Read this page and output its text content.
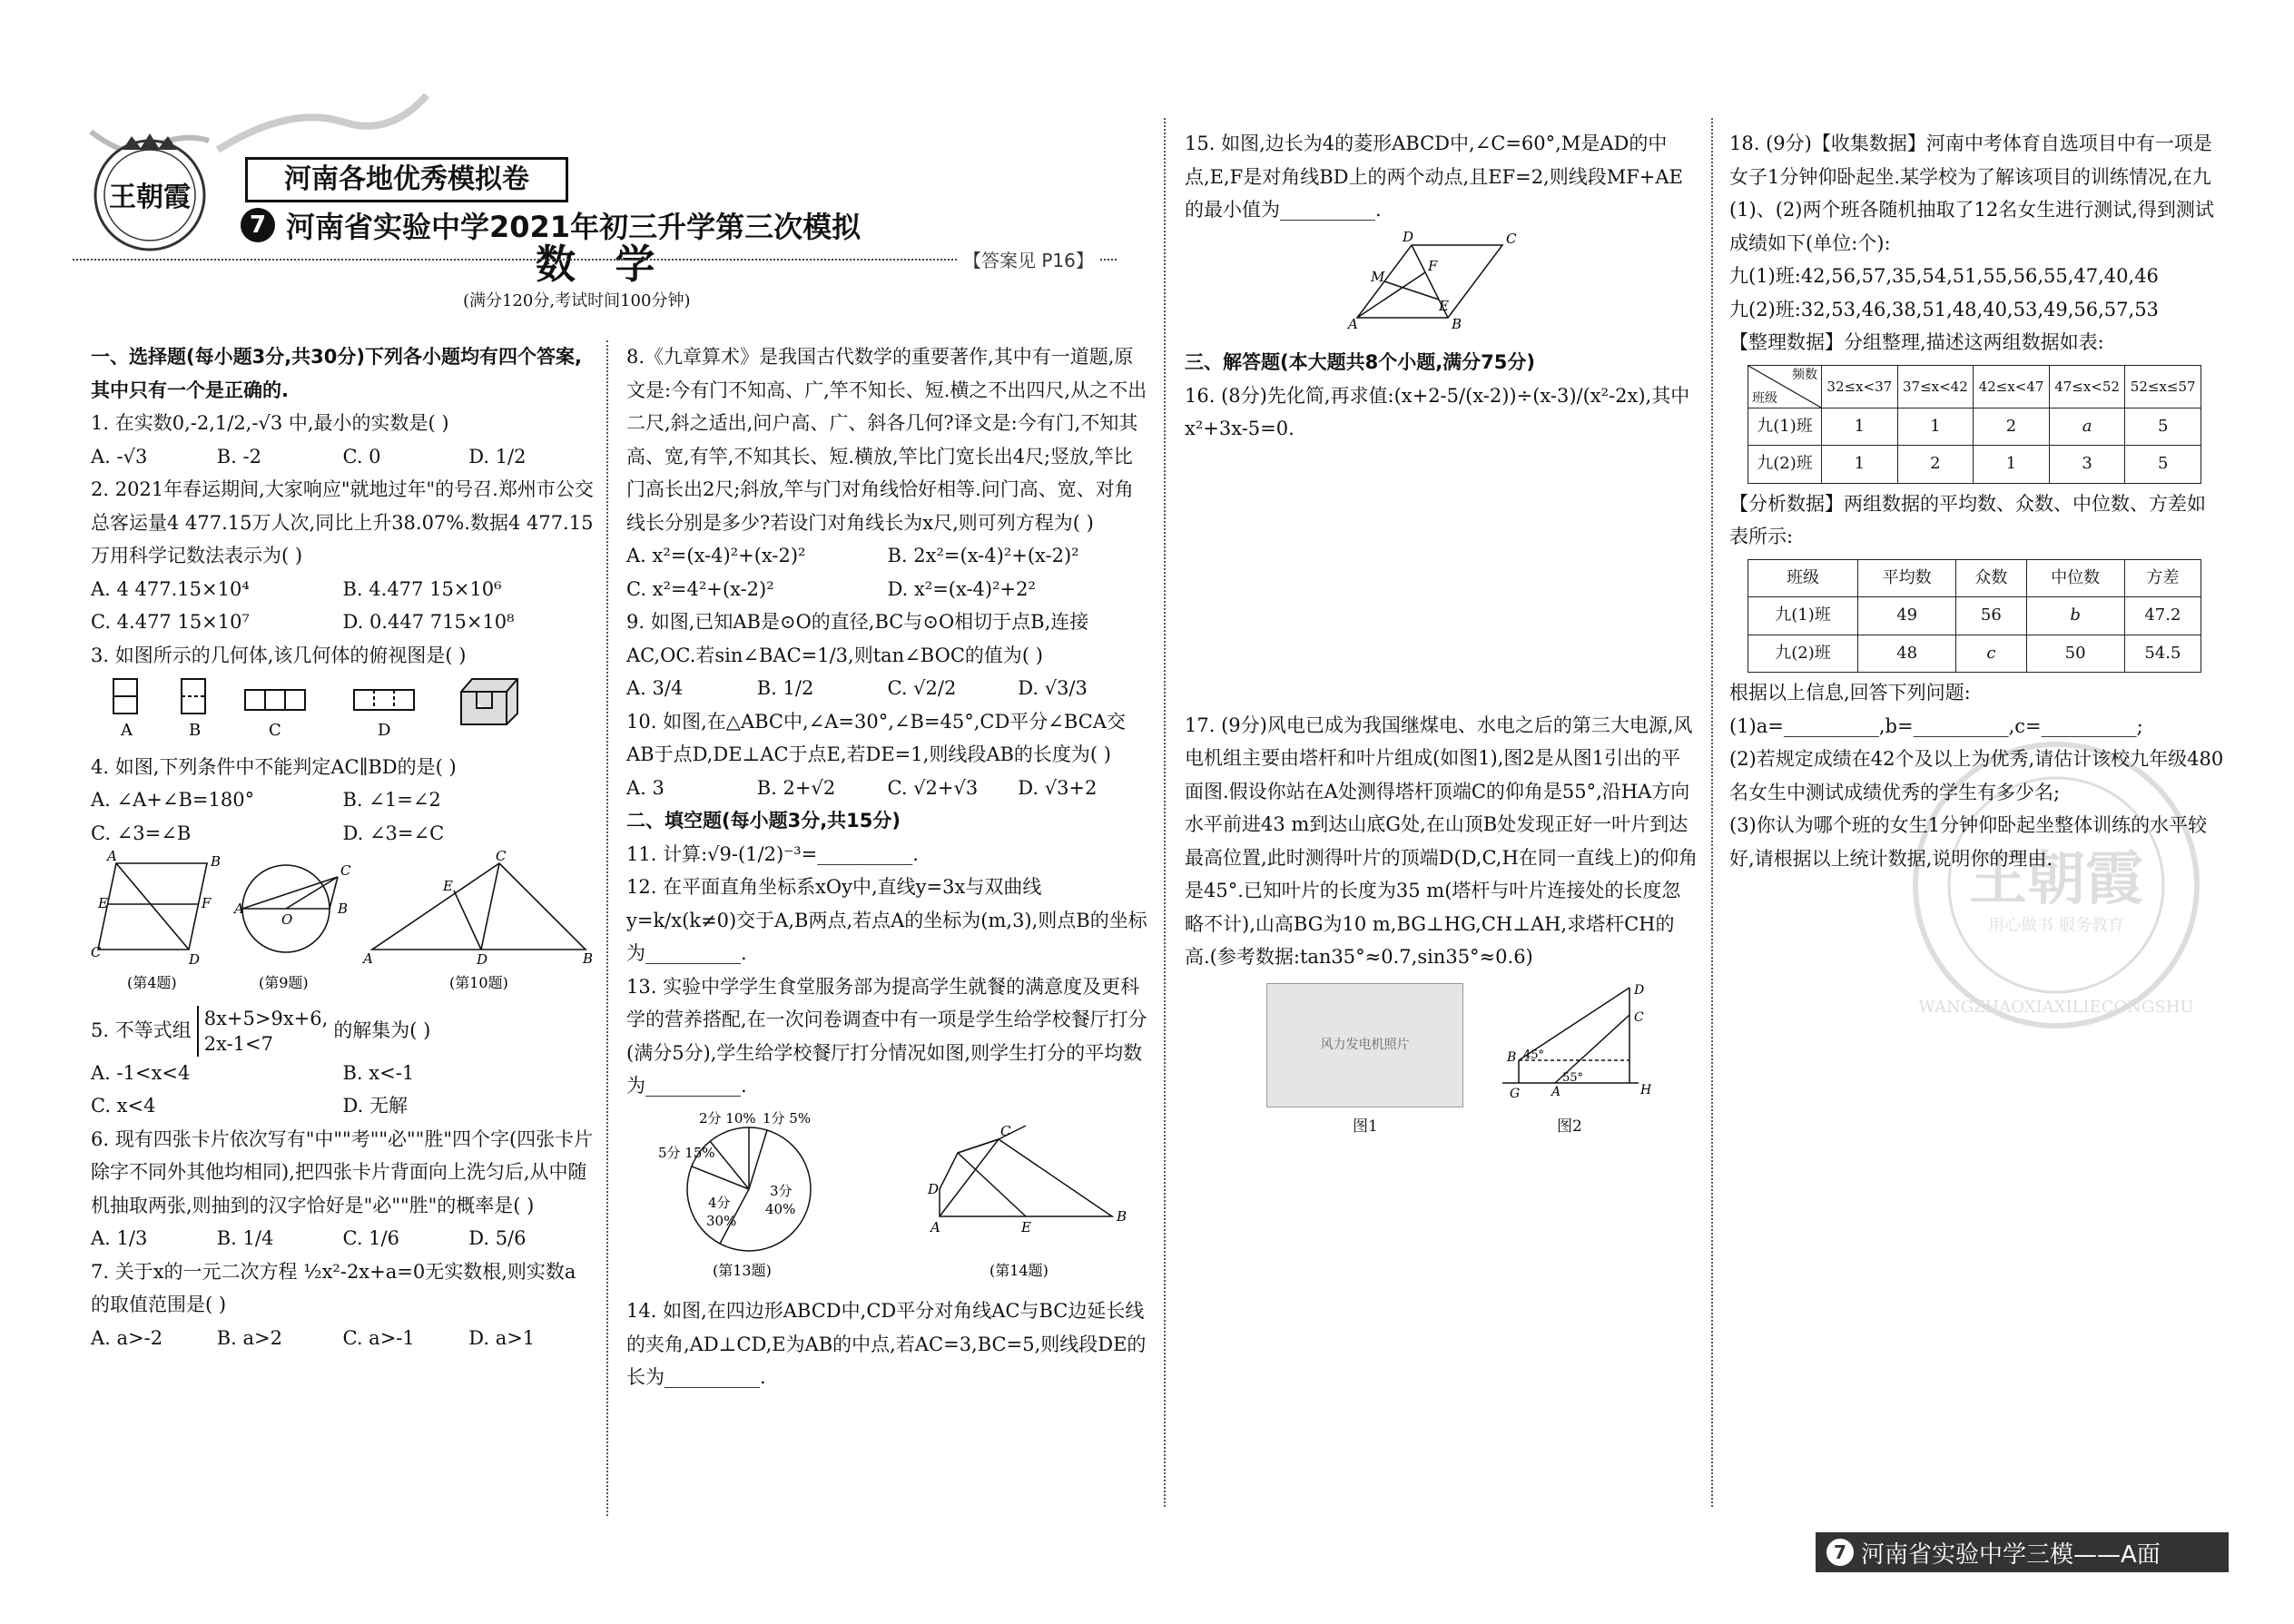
王朝霞
河南各地优秀模拟卷
7 河南省实验中学2021年初三升学第三次模拟
数 学	【答案见 P16】
(满分120分,考试时间100分钟)

一、选择题(每小题3分,共30分)下列各小题均有四个答案,其中只有一个是正确的.

1. 在实数0,-2,1/2,-√3 中,最小的实数是( )

A. -√3	B. -2	C. 0	D. 1/2

2. 2021年春运期间,大家响应"就地过年"的号召.郑州市公交总客运量4 477.15万人次,同比上升38.07%.数据4 477.15万用科学记数法表示为( )

A. 4 477.15×10⁴	B. 4.477 15×10⁶
C. 4.477 15×10⁷	D. 0.447 715×10⁸

3. 如图所示的几何体,该几何体的俯视图是( )

A	B	C	D

4. 如图,下列条件中不能判定AC∥BD的是( )

A. ∠A+∠B=180°	B. ∠1=∠2
C. ∠3=∠B	D. ∠3=∠C
A	B
E	F
C	D
A	B
O
C
A	B
C
D
E
(第4题)	(第9题)	(第10题)

5. 不等式组
8x+5>9x+6,
2x-1<7
的解集为( )

A. -1<x<4	B. x<-1
C. x<4	D. 无解

6. 现有四张卡片依次写有"中""考""必""胜"四个字(四张卡片除字不同外其他均相同),把四张卡片背面向上洗匀后,从中随机抽取两张,则抽到的汉字恰好是"必""胜"的概率是( )

A. 1/3	B. 1/4	C. 1/6	D. 5/6

7. 关于x的一元二次方程 ½x²-2x+a=0无实数根,则实数a的取值范围是( )

A. a>-2	B. a>2	C. a>-1	D. a>1

8.《九章算术》是我国古代数学的重要著作,其中有一道题,原文是:今有门不知高、广,竿不知长、短.横之不出四尺,从之不出二尺,斜之适出,问户高、广、斜各几何?译文是:今有门,不知其高、宽,有竿,不知其长、短.横放,竿比门宽长出4尺;竖放,竿比门高长出2尺;斜放,竿与门对角线恰好相等.问门高、宽、对角线长分别是多少?若设门对角线长为x尺,则可列方程为( )

A. x²=(x-4)²+(x-2)²	B. 2x²=(x-4)²+(x-2)²
C. x²=4²+(x-2)²	D. x²=(x-4)²+2²

9. 如图,已知AB是⊙O的直径,BC与⊙O相切于点B,连接AC,OC.若sin∠BAC=1/3,则tan∠BOC的值为( )

A. 3/4	B. 1/2	C. √2/2	D. √3/3

10. 如图,在△ABC中,∠A=30°,∠B=45°,CD平分∠BCA交AB于点D,DE⊥AC于点E,若DE=1,则线段AB的长度为( )

A. 3	B. 2+√2	C. √2+√3	D. √3+2

二、填空题(每小题3分,共15分)

11. 计算:√9-(1/2)⁻³=__________.

12. 在平面直角坐标系xOy中,直线y=3x与双曲线y=k/x(k≠0)交于A,B两点,若点A的坐标为(m,3),则点B的坐标为__________.

13. 实验中学学生食堂服务部为提高学生就餐的满意度及更科学的营养搭配,在一次问卷调查中有一项是学生给学校餐厅打分(满分5分),学生给学校餐厅打分情况如图,则学生打分的平均数为__________.

2分 10% 1分 5%
5分 15%
3分
40%
4分
30%
D
C
A
B
E
(第13题)	(第14题)

14. 如图,在四边形ABCD中,CD平分对角线AC与BC边延长线的夹角,AD⊥CD,E为AB的中点,若AC=3,BC=5,则线段DE的长为__________.

15. 如图,边长为4的菱形ABCD中,∠C=60°,M是AD的中点,E,F是对角线BD上的两个动点,且EF=2,则线段MF+AE的最小值为__________.

D	C
A	B
M
F
E

三、解答题(本大题共8个小题,满分75分)

16. (8分)先化简,再求值:(x+2-5/(x-2))÷(x-3)/(x²-2x),其中x²+3x-5=0.

17. (9分)风电已成为我国继煤电、水电之后的第三大电源,风电机组主要由塔杆和叶片组成(如图1),图2是从图1引出的平面图.假设你站在A处测得塔杆顶端C的仰角是55°,沿HA方向水平前进43 m到达山底G处,在山顶B处发现正好一叶片到达最高位置,此时测得叶片的顶端D(D,C,H在同一直线上)的仰角是45°.已知叶片的长度为35 m(塔杆与叶片连接处的长度忽略不计),山高BG为10 m,BG⊥HG,CH⊥AH,求塔杆CH的高.(参考数据:tan35°≈0.7,sin35°≈0.6)

风力发电机照片
D
C
H
B
G A
45°
55°
图1	图2
王朝霞
用心做书 服务教育
WANGZHAOXIAXILIECONGSHU

18. (9分)【收集数据】河南中考体育自选项目中有一项是女子1分钟仰卧起坐.某学校为了解该项目的训练情况,在九(1)、(2)两个班各随机抽取了12名女生进行测试,得到测试成绩如下(单位:个):

九(1)班:42,56,57,35,54,51,55,56,55,47,40,46

九(2)班:32,53,46,38,51,48,40,53,49,56,57,53

【整理数据】分组整理,描述这两组数据如表:

频数
班级	32≤x<37	37≤x<42	42≤x<47	47≤x<52	52≤x≤57
九(1)班	1	1	2	a	5
九(2)班	1	2	1	3	5

【分析数据】两组数据的平均数、众数、中位数、方差如表所示:

班级	平均数	众数	中位数	方差
九(1)班	49	56	b	47.2
九(2)班	48	c	50	54.5

根据以上信息,回答下列问题:

(1)a=__________,b=__________,c=__________;

(2)若规定成绩在42个及以上为优秀,请估计该校九年级480名女生中测试成绩优秀的学生有多少名;

(3)你认为哪个班的女生1分钟仰卧起坐整体训练的水平较好,请根据以上统计数据,说明你的理由.

7 河南省实验中学三模——A面
